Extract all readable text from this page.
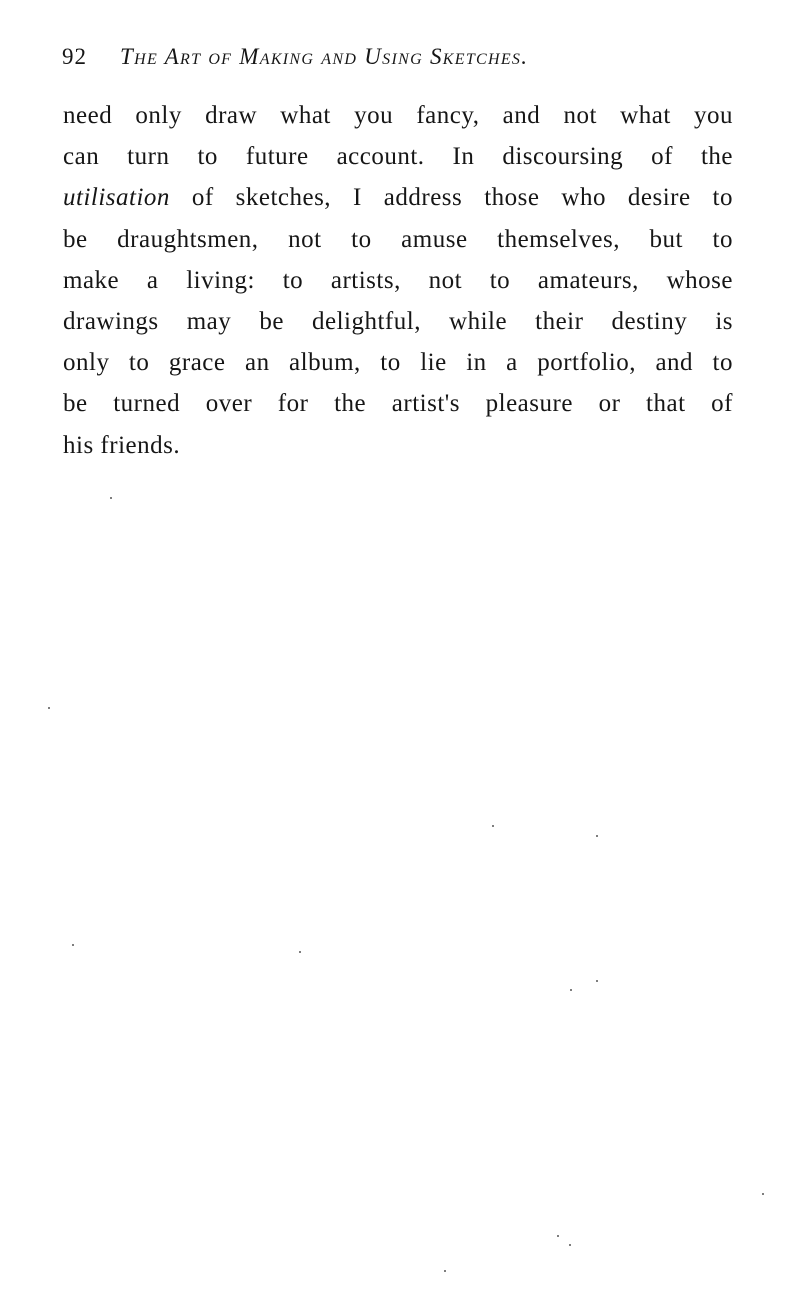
92 The Art of Making and Using Sketches.
need only draw what you fancy, and not what you
can turn to future account. In discoursing of the
utilisation of sketches, I address those who desire to
be draughtsmen, not to amuse themselves, but to
make a living: to artists, not to amateurs, whose
drawings may be delightful, while their destiny is
only to grace an album, to lie in a portfolio, and to
be turned over for the artist's pleasure or that of
his friends.
